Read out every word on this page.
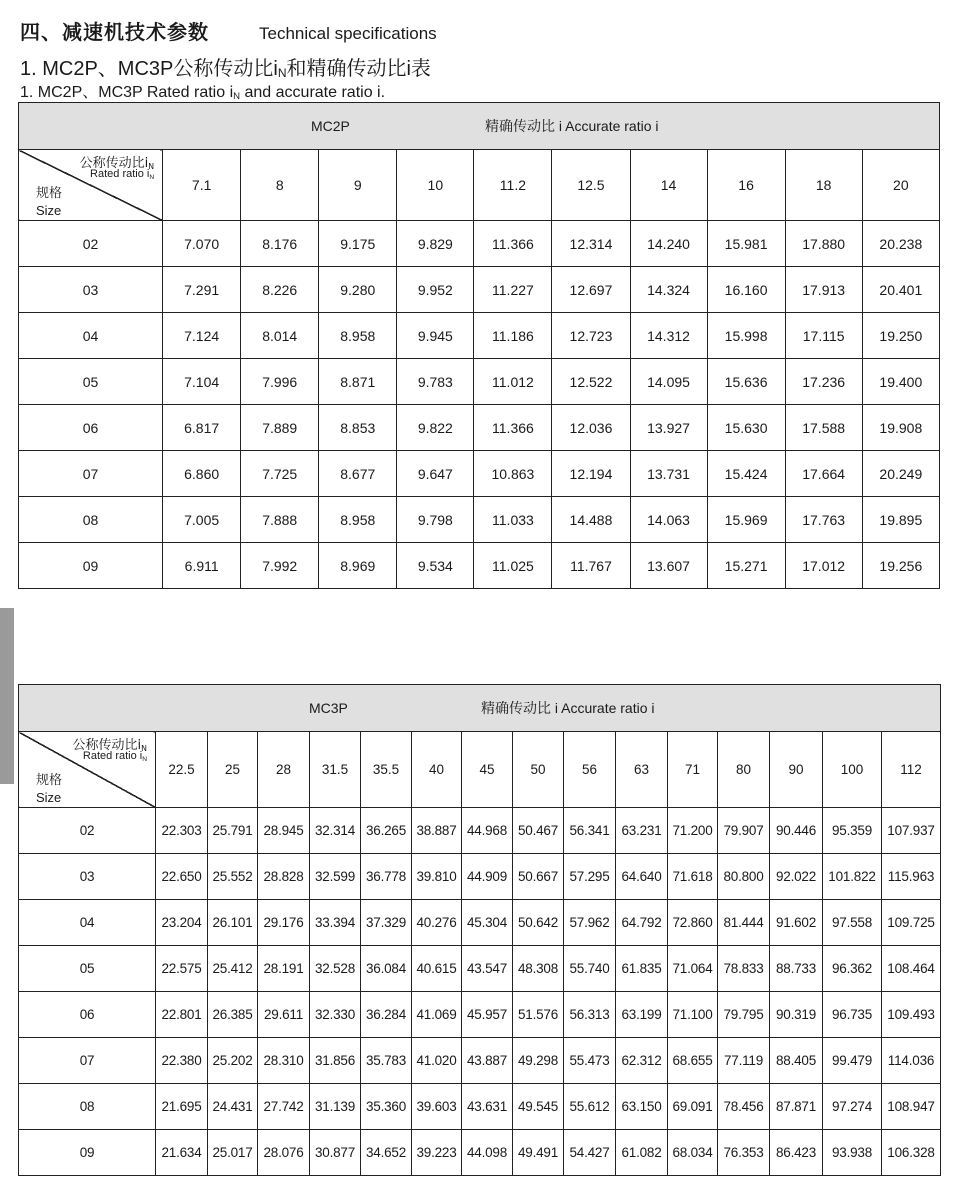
四、减速机技术参数	Technical specifications
1. MC2P、MC3P公称传动比$i_N$和精确传动比i表
1. MC2P、MC3P Rated ratio $i_N$ and accurate ratio i.
MC2P 精确传动比 i Accurate ratio i										

公称传动比$i_N$
Rated ratio $i_N$
规格
Size	7.1	8	9	10	11.2	12.5	14	16	18	20
02	7.070	8.176	9.175	9.829	11.366	12.314	14.240	15.981	17.880	20.238
03	7.291	8.226	9.280	9.952	11.227	12.697	14.324	16.160	17.913	20.401
04	7.124	8.014	8.958	9.945	11.186	12.723	14.312	15.998	17.115	19.250
05	7.104	7.996	8.871	9.783	11.012	12.522	14.095	15.636	17.236	19.400
06	6.817	7.889	8.853	9.822	11.366	12.036	13.927	15.630	17.588	19.908
07	6.860	7.725	8.677	9.647	10.863	12.194	13.731	15.424	17.664	20.249
08	7.005	7.888	8.958	9.798	11.033	14.488	14.063	15.969	17.763	19.895
09	6.911	7.992	8.969	9.534	11.025	11.767	13.607	15.271	17.012	19.256
MC3P 精确传动比 i Accurate ratio i															

公称传动比$i_N$
Rated ratio $i_N$
规格
Size	22.5	25	28	31.5	35.5	40	45	50	56	63	71	80	90	100	112
02	22.303	25.791	28.945	32.314	36.265	38.887	44.968	50.467	56.341	63.231	71.200	79.907	90.446	95.359	107.937
03	22.650	25.552	28.828	32.599	36.778	39.810	44.909	50.667	57.295	64.640	71.618	80.800	92.022	101.822	115.963
04	23.204	26.101	29.176	33.394	37.329	40.276	45.304	50.642	57.962	64.792	72.860	81.444	91.602	97.558	109.725
05	22.575	25.412	28.191	32.528	36.084	40.615	43.547	48.308	55.740	61.835	71.064	78.833	88.733	96.362	108.464
06	22.801	26.385	29.611	32.330	36.284	41.069	45.957	51.576	56.313	63.199	71.100	79.795	90.319	96.735	109.493
07	22.380	25.202	28.310	31.856	35.783	41.020	43.887	49.298	55.473	62.312	68.655	77.119	88.405	99.479	114.036
08	21.695	24.431	27.742	31.139	35.360	39.603	43.631	49.545	55.612	63.150	69.091	78.456	87.871	97.274	108.947
09	21.634	25.017	28.076	30.877	34.652	39.223	44.098	49.491	54.427	61.082	68.034	76.353	86.423	93.938	106.328
